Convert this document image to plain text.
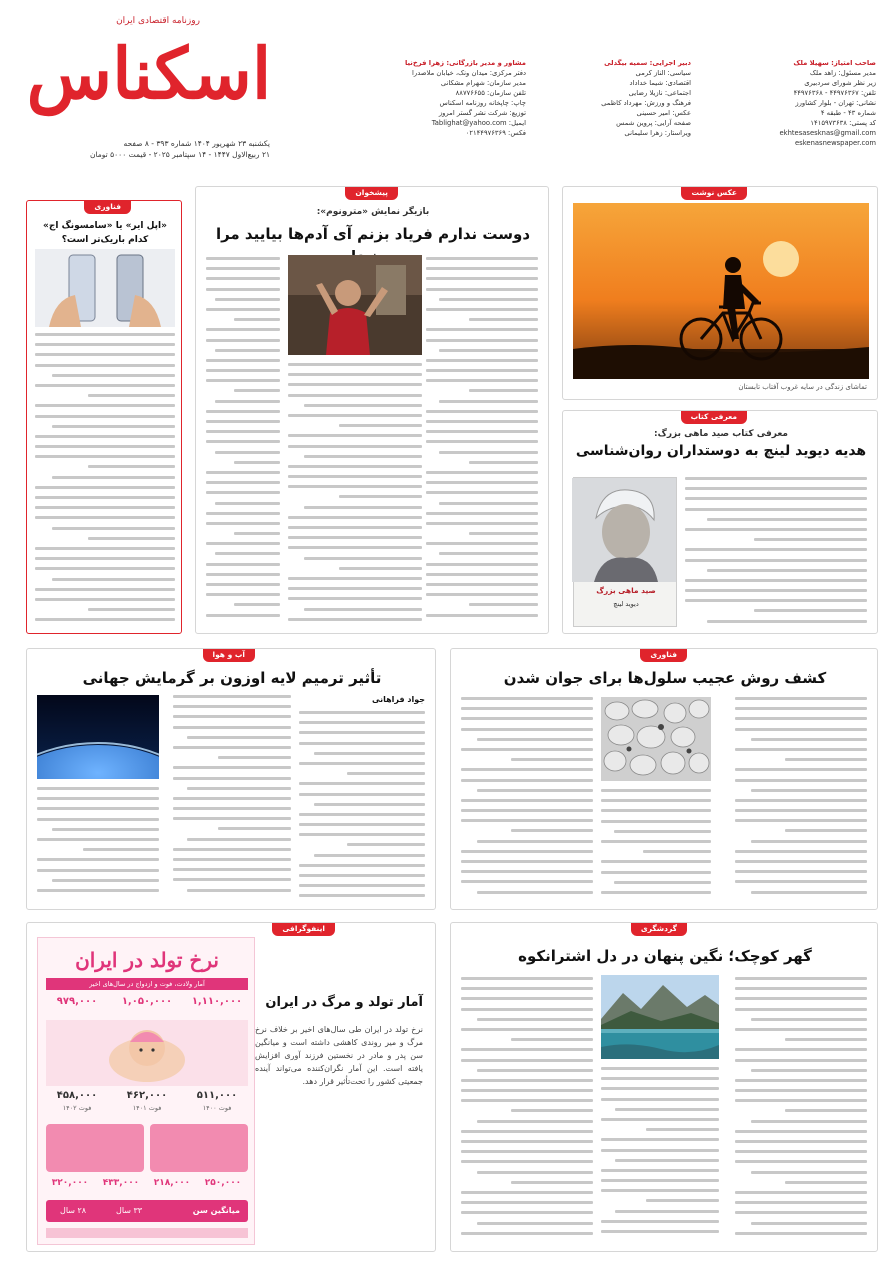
روزنامه اقتصادی ایران
اسکناس
یکشنبه ۲۳ شهریور ۱۴۰۴ شماره ۳۹۳ - ۸ صفحه
۲۱ ربیع‌الاول ۱۴۴۷ - ۱۴ سپتامبر ۲۰۲۵ - قیمت ۵۰۰۰ تومان
صاحب امتیاز: سهیلا ملک
مدیر مسئول: زاهد ملک
زیر نظر شورای سردبیری
تلفن: ۴۴۹۷۶۳۶۷ - ۴۴۹۷۶۳۶۸
نشانی: تهران - بلوار کشاورز
شماره ۴۳ - طبقه ۴
کد پستی: ۱۴۱۵۹۷۳۶۳۸
ekhtesasesknas@gmail.com
eskenasnewspaper.com
دبیر اجرایی: سمیه بیگدلی
سیاسی: الناز کرمی
اقتصادی: شیما خداداد
اجتماعی: نازیلا رضایی
فرهنگ و ورزش: مهرداد کاظمی
عکس: امیر حسینی
صفحه آرایی: پروین شمس
ویراستار: زهرا سلیمانی
مشاور و مدیر بازرگانی: زهرا فرخ‌نیا
دفتر مرکزی: میدان ونک، خیابان ملاصدرا
مدیر سازمان: شهرام مشکانی
تلفن سازمان: ۸۸۷۷۶۶۵۵
چاپ: چاپخانه روزنامه اسکناس
توزیع: شرکت نشر گستر امروز
ایمیل: Tablighat@yahoo.com
فکس: ۰۲۱۴۴۹۷۶۳۶۹
عکس نوشت
تماشای زندگی در سایه غروب آفتاب تابستان
پیشخوان
بازیگر نمایش «مترونوم»:
دوست ندارم فریاد بزنم آی آدم‌ها بیایید مرا
فناوری
«اپل ایر» یا «سامسونگ اج» کدام باریک‌تر است؟
معرفی کتاب
معرفی کتاب صید ماهی بزرگ:
هدیه دیوید لینچ به دوستداران روان‌شناسی
صید ماهی بزرگ
دیوید لینچ
فناوری
کشف روش عجیب سلول‌ها برای جوان شدن
آب و هوا
تأثیر ترمیم لایه اوزون بر گرمایش جهانی
جواد فراهانی
گردشگری
گهر کوچک؛ نگین پنهان در دل اشترانکوه
اینفوگرافی
آمار تولد و مرگ در ایران
نرخ تولد در ایران طی سال‌های اخیر بر خلاف نرخ مرگ و میر روندی کاهشی داشته است و میانگین سن پدر و مادر در نخستین فرزند آوری افزایش یافته است. این آمار نگران‌کننده می‌تواند آینده جمعیتی کشور را تحت‌تأثیر قرار دهد.
نرخ تولد در ایران
آمار ولادت، فوت و ازدواج در سال‌های اخیر
۹۷۹,۰۰۰	۱,۰۵۰,۰۰۰	۱,۱۱۰,۰۰۰
۴۵۸,۰۰۰	۴۶۲,۰۰۰	۵۱۱,۰۰۰
فوت ۱۴۰۲	فوت ۱۴۰۱	فوت ۱۴۰۰
۳۲۰,۰۰۰	۴۳۳,۰۰۰	۲۱۸,۰۰۰	۲۵۰,۰۰۰
میانگین سن
۳۳ سال
۲۸ سال
